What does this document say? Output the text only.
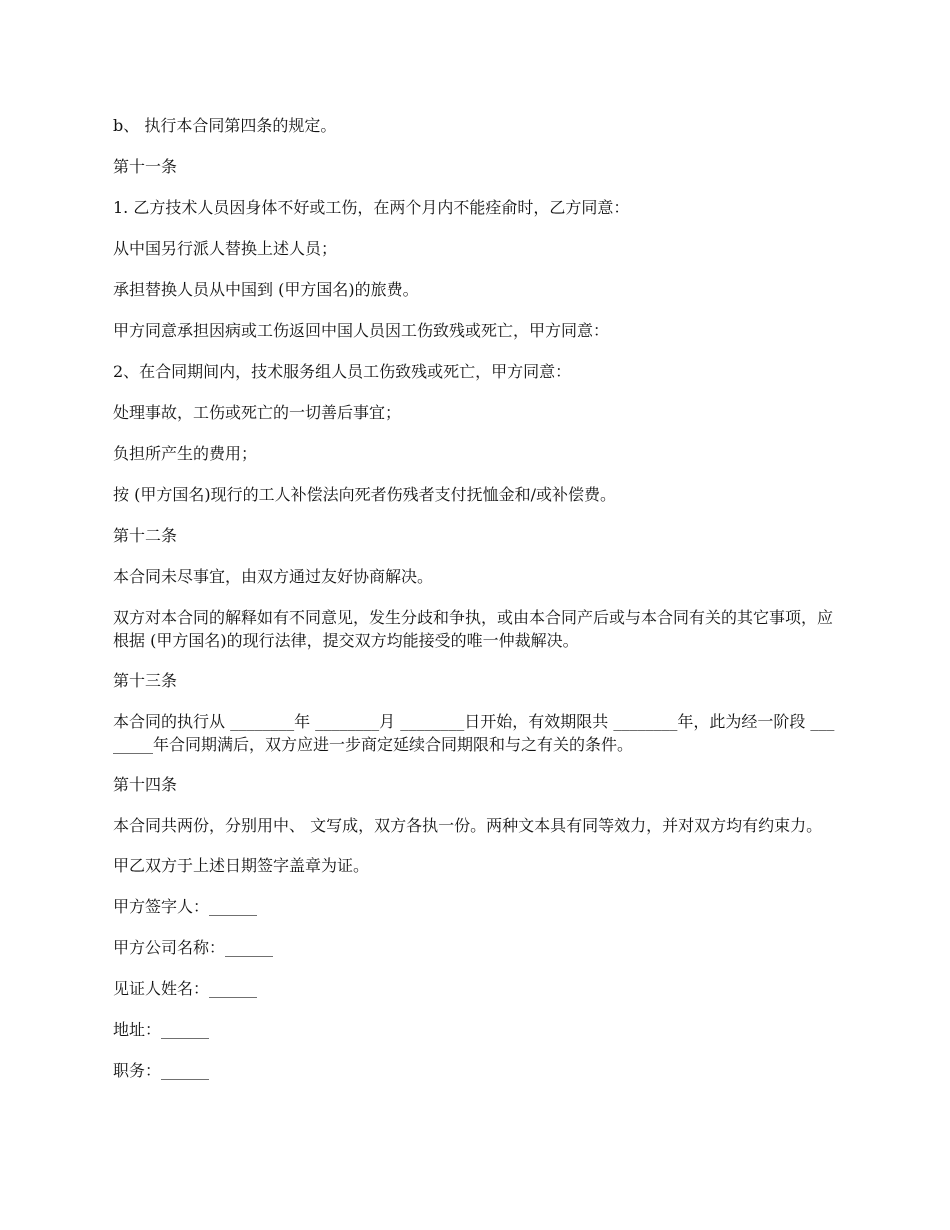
b、 执行本合同第四条的规定。

第十一条

1. 乙方技术人员因身体不好或工伤，在两个月内不能痊俞时，乙方同意：

从中国另行派人替换上述人员；

承担替换人员从中国到 (甲方国名)的旅费。

甲方同意承担因病或工伤返回中国人员因工伤致残或死亡，甲方同意：

2、在合同期间内，技术服务组人员工伤致残或死亡，甲方同意：

处理事故，工伤或死亡的一切善后事宜；

负担所产生的费用；

按 (甲方国名)现行的工人补偿法向死者伤残者支付抚恤金和/或补偿费。

第十二条

本合同未尽事宜，由双方通过友好协商解决。

双方对本合同的解释如有不同意见，发生分歧和争执，或由本合同产后或与本合同有关的其它事项，应根据 (甲方国名)的现行法律，提交双方均能接受的唯一仲裁解决。

第十三条

本合同的执行从 ________年 ________月 ________日开始，有效期限共 ________年，此为经一阶段 ________年合同期满后，双方应进一步商定延续合同期限和与之有关的条件。

第十四条

本合同共两份，分别用中、 文写成，双方各执一份。两种文本具有同等效力，并对双方均有约束力。

甲乙双方于上述日期签字盖章为证。

甲方签字人：______

甲方公司名称：______

见证人姓名：______

地址：______

职务：______
